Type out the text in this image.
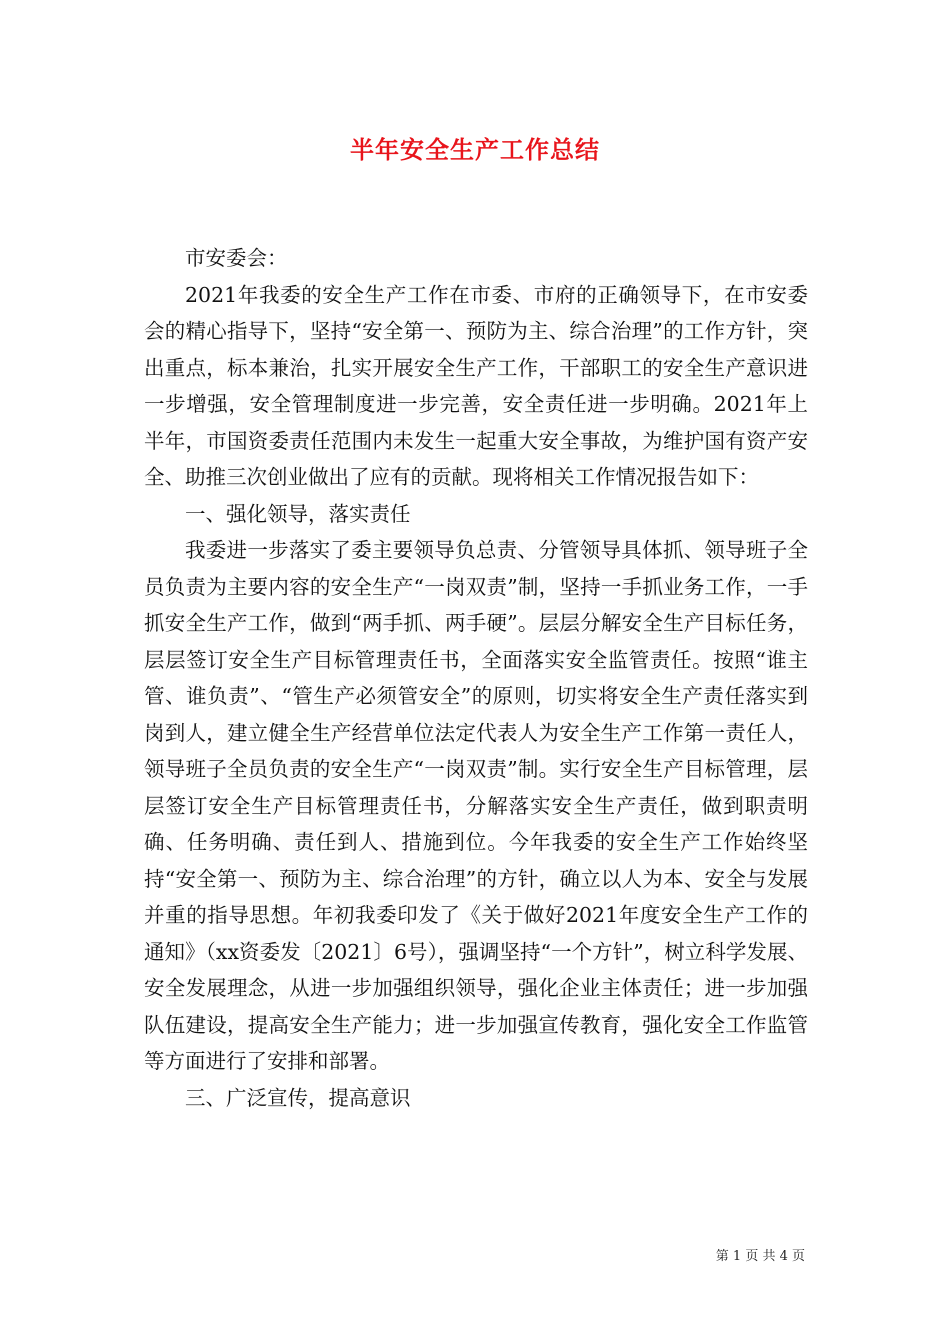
半年安全生产工作总结

市安委会：

2021年我委的安全生产工作在市委、市府的正确领导下，在市安委会的精心指导下，坚持“安全第一、预防为主、综合治理”的工作方针，突出重点，标本兼治，扎实开展安全生产工作，干部职工的安全生产意识进一步增强，安全管理制度进一步完善，安全责任进一步明确。2021年上半年，市国资委责任范围内未发生一起重大安全事故，为维护国有资产安全、助推三次创业做出了应有的贡献。现将相关工作情况报告如下：

一、强化领导，落实责任

我委进一步落实了委主要领导负总责、分管领导具体抓、领导班子全员负责为主要内容的安全生产“一岗双责”制，坚持一手抓业务工作，一手抓安全生产工作，做到“两手抓、两手硬”。层层分解安全生产目标任务，层层签订安全生产目标管理责任书，全面落实安全监管责任。按照“谁主管、谁负责”、“管生产必须管安全”的原则，切实将安全生产责任落实到岗到人，建立健全生产经营单位法定代表人为安全生产工作第一责任人，领导班子全员负责的安全生产“一岗双责”制。实行安全生产目标管理，层层签订安全生产目标管理责任书，分解落实安全生产责任，做到职责明确、任务明确、责任到人、措施到位。今年我委的安全生产工作始终坚持“安全第一、预防为主、综合治理”的方针，确立以人为本、安全与发展并重的指导思想。年初我委印发了《关于做好2021年度安全生产工作的通知》（xx资委发〔2021〕6号），强调坚持“一个方针”，树立科学发展、安全发展理念，从进一步加强组织领导，强化企业主体责任；进一步加强队伍建设，提高安全生产能力；进一步加强宣传教育，强化安全工作监管等方面进行了安排和部署。

三、广泛宣传，提高意识

第 1 页 共 4 页
